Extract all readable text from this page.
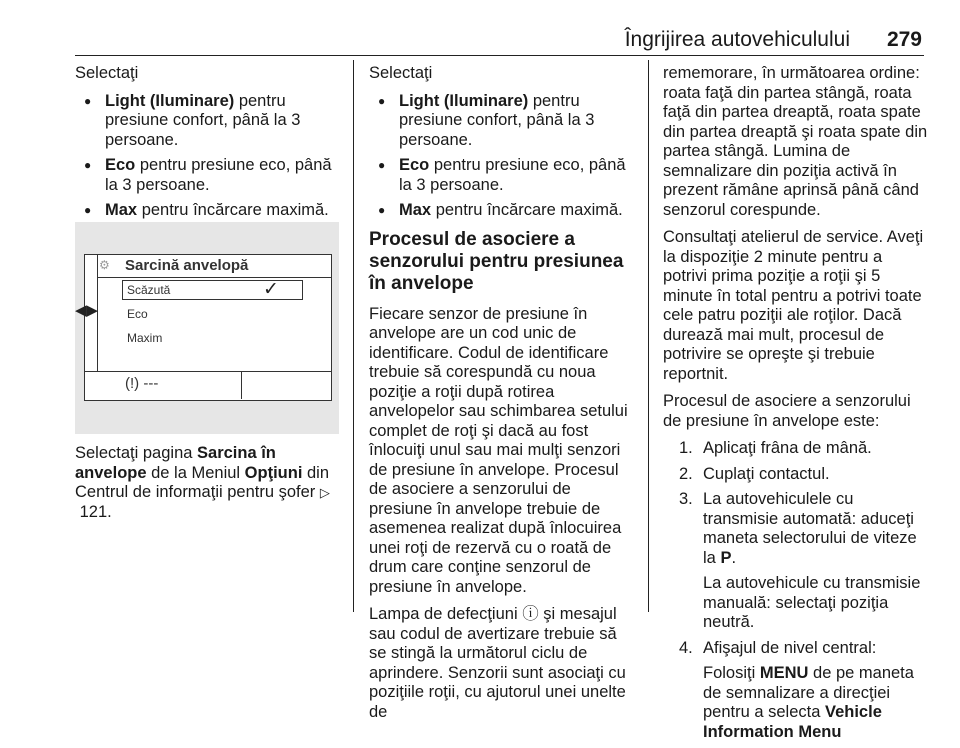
Îngrijirea autovehiculului 279

Selectaţi

● Light (Iluminare) pentru presiune confort, până la 3 persoane.
● Eco pentru presiune eco, până la 3 persoane.
● Max pentru încărcare maximă.

⚙
◀▶
Sarcină anvelopă
Scăzută	✓
Eco
Maxim
(!) ---

Selectaţi pagina Sarcina în anvelope de la Meniul Opţiuni din Centrul de informaţii pentru şofer ▷ 121.

Selectaţi

● Light (Iluminare) pentru presiune confort, până la 3 persoane.
● Eco pentru presiune eco, până la 3 persoane.
● Max pentru încărcare maximă.
Procesul de asociere a senzorului pentru presiunea în anvelope

Fiecare senzor de presiune în anvelope are un cod unic de identificare. Codul de identificare trebuie să corespundă cu noua poziţie a roţii după rotirea anvelopelor sau schimbarea setului complet de roţi şi dacă au fost înlocuiţi unul sau mai mulţi senzori de presiune în anvelope. Procesul de asociere a senzorului de presiune în anvelope trebuie de asemenea realizat după înlocuirea unei roţi de rezervă cu o roată de drum care conţine senzorul de presiune în anvelope.

Lampa de defecţiuni ⓘ şi mesajul sau codul de avertizare trebuie să se stingă la următorul ciclu de aprindere. Senzorii sunt asociaţi cu poziţiile roţii, cu ajutorul unei unelte de

rememorare, în următoarea ordine: roata faţă din partea stângă, roata faţă din partea dreaptă, roata spate din partea dreaptă şi roata spate din partea stângă. Lumina de semnalizare din poziţia activă în prezent rămâne aprinsă până când senzorul corespunde.

Consultaţi atelierul de service. Aveţi la dispoziţie 2 minute pentru a potrivi prima poziţie a roţii şi 5 minute în total pentru a potrivi toate cele patru poziţii ale roţilor. Dacă durează mai mult, procesul de potrivire se opreşte şi trebuie reportnit.

Procesul de asociere a senzorului de presiune în anvelope este:

1. Aplicaţi frâna de mână.
2. Cuplaţi contactul.
3. La autovehiculele cu transmisie automată: aduceţi maneta selectorului de viteze la P.
La autovehicule cu transmisie manuală: selectaţi poziţia neutră.
4. Afişajul de nivel central:
Folosiţi MENU de pe maneta de semnalizare a direcţiei pentru a selecta Vehicle Information Menu
